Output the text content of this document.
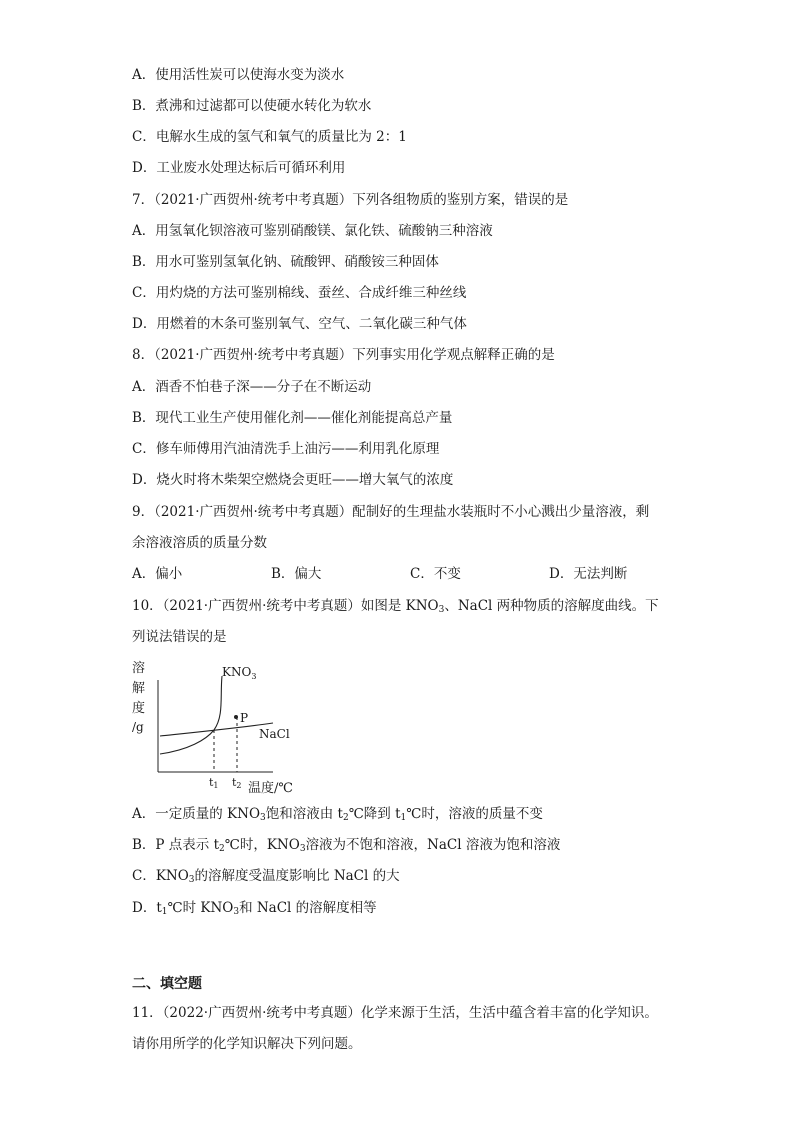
A．使用活性炭可以使海水变为淡水
B．煮沸和过滤都可以使硬水转化为软水
C．电解水生成的氢气和氧气的质量比为 2：1
D．工业废水处理达标后可循环利用
7．（2021·广西贺州·统考中考真题）下列各组物质的鉴别方案，错误的是
A．用氢氧化钡溶液可鉴别硝酸镁、氯化铁、硫酸钠三种溶液
B．用水可鉴别氢氧化钠、硫酸钾、硝酸铵三种固体
C．用灼烧的方法可鉴别棉线、蚕丝、合成纤维三种丝线
D．用燃着的木条可鉴别氧气、空气、二氧化碳三种气体
8．（2021·广西贺州·统考中考真题）下列事实用化学观点解释正确的是
A．酒香不怕巷子深——分子在不断运动
B．现代工业生产使用催化剂——催化剂能提高总产量
C．修车师傅用汽油清洗手上油污——利用乳化原理
D．烧火时将木柴架空燃烧会更旺——增大氧气的浓度
9．（2021·广西贺州·统考中考真题）配制好的生理盐水装瓶时不小心溅出少量溶液，剩
余溶液溶质的质量分数
A．偏小	B．偏大	C．不变	D．无法判断
10．（2021·广西贺州·统考中考真题）如图是 $KNO_3$、NaCl 两种物质的溶解度曲线。下
列说法错误的是
溶
解
度
/g
P
$KNO_3$
NaCl
t1 t2 温度/℃
A．一定质量的 $KNO_3$饱和溶液由 $t_2℃$降到 $t_1℃$时，溶液的质量不变
B．P 点表示 $t_2℃$时，$KNO_3$溶液为不饱和溶液，NaCl 溶液为饱和溶液
C．$KNO_3$的溶解度受温度影响比 NaCl 的大
D．$t_1℃$时 $KNO_3$和 NaCl 的溶解度相等
二、填空题
11．（2022·广西贺州·统考中考真题）化学来源于生活，生活中蕴含着丰富的化学知识。
请你用所学的化学知识解决下列问题。
